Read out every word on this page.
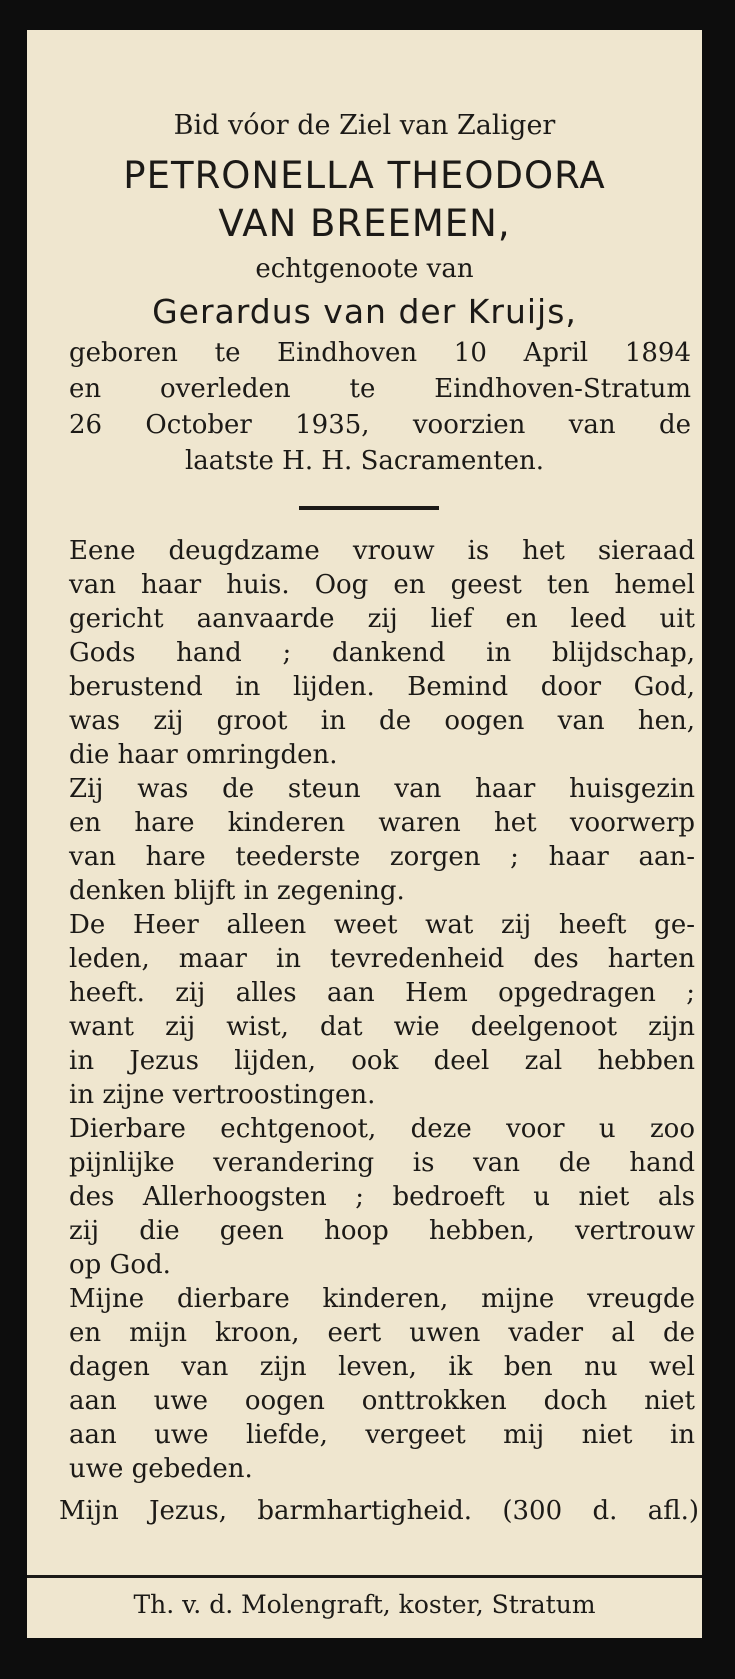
Bid vóor de Ziel van Zaliger
PETRONELLA THEODORA
VAN BREEMEN,
echtgenoote van
Gerardus van der Kruijs,
geboren te Eindhoven 10 April 1894
en overleden te Eindhoven-Stratum
26 October 1935, voorzien van de
laatste H. H. Sacramenten.
Eene deugdzame vrouw is het sieraad
van haar huis. Oog en geest ten hemel
gericht aanvaarde zij lief en leed uit
Gods hand ; dankend in blijdschap,
berustend in lijden. Bemind door God,
was zij groot in de oogen van hen,
die haar omringden.
Zij was de steun van haar huisgezin
en hare kinderen waren het voorwerp
van hare teederste zorgen ; haar aan-
denken blijft in zegening.
De Heer alleen weet wat zij heeft ge-
leden, maar in tevredenheid des harten
heeft. zij alles aan Hem opgedragen ;
want zij wist, dat wie deelgenoot zijn
in Jezus lijden, ook deel zal hebben
in zijne vertroostingen.
Dierbare echtgenoot, deze voor u zoo
pijnlijke verandering is van de hand
des Allerhoogsten ; bedroeft u niet als
zij die geen hoop hebben, vertrouw
op God.
Mijne dierbare kinderen, mijne vreugde
en mijn kroon, eert uwen vader al de
dagen van zijn leven, ik ben nu wel
aan uwe oogen onttrokken doch niet
aan uwe liefde, vergeet mij niet in
uwe gebeden.
Mijn Jezus, barmhartigheid. (300 d. afl.)
Th. v. d. Molengraft, koster, Stratum
